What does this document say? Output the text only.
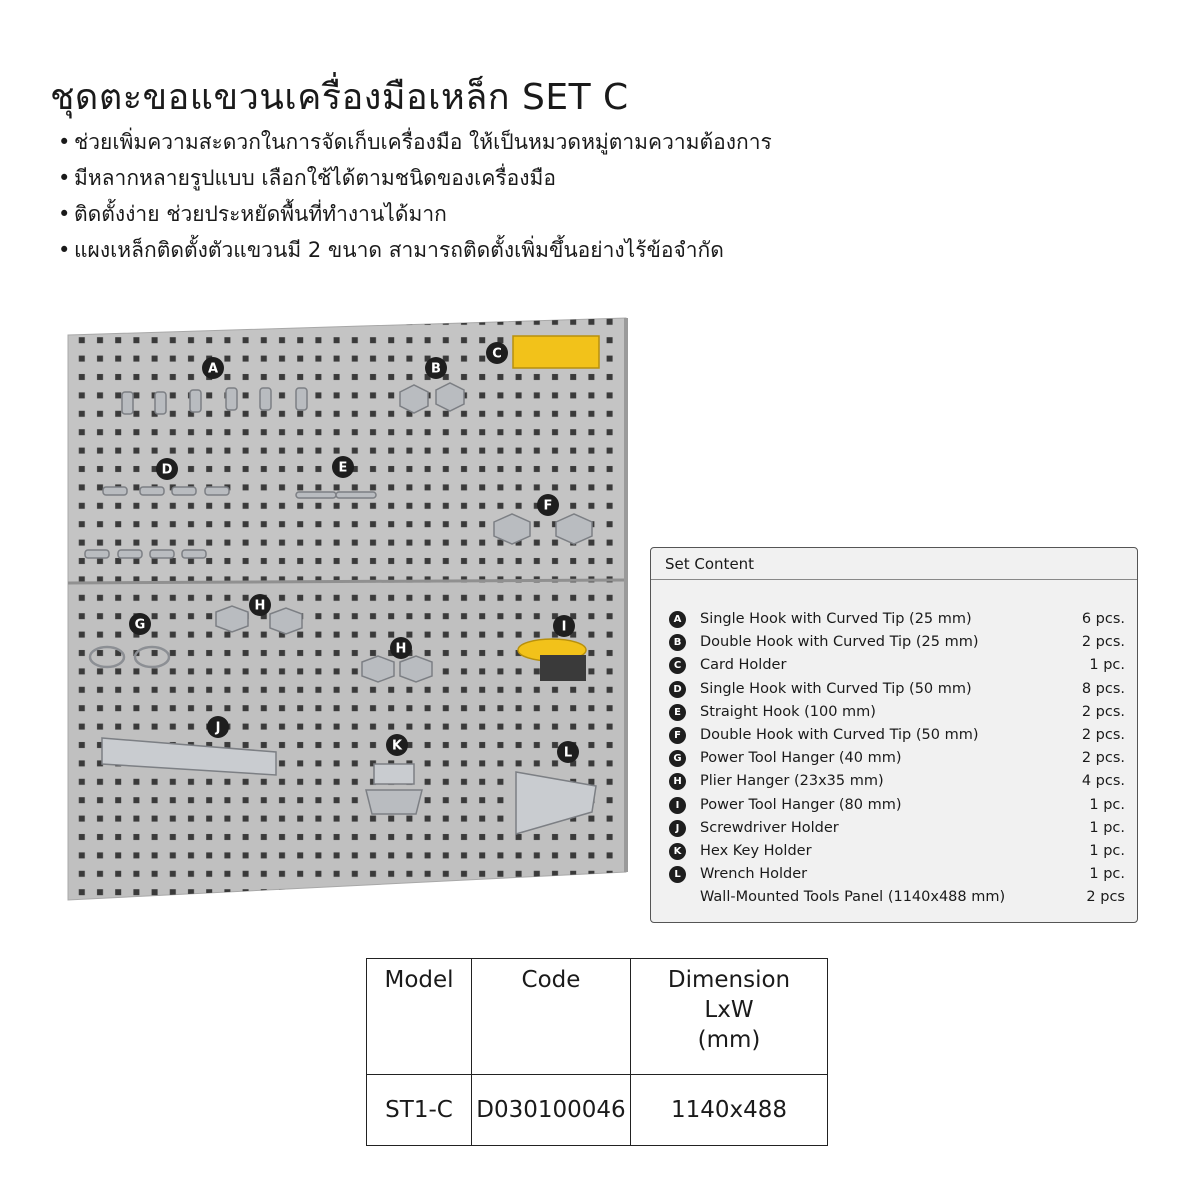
ชุดตะขอแขวนเครื่องมือเหล็ก SET C
• ช่วยเพิ่มความสะดวกในการจัดเก็บเครื่องมือ ให้เป็นหมวดหมู่ตามความต้องการ
• มีหลากหลายรูปแบบ เลือกใช้ได้ตามชนิดของเครื่องมือ
• ติดตั้งง่าย ช่วยประหยัดพื้นที่ทำงานได้มาก
• แผงเหล็กติดตั้งตัวแขวนมี 2 ขนาด สามารถติดตั้งเพิ่มขึ้นอย่างไร้ข้อจำกัด
A	B
C
D	E
F
G
H
H
I
J
K	L
Set Content
A	Single Hook with Curved Tip (25 mm)	6 pcs.
B	Double Hook with Curved Tip (25 mm)	2 pcs.
C	Card Holder	1 pc.
D Single Hook with Curved Tip (50 mm)	8 pcs.
E	Straight Hook (100 mm)	2 pcs.
F	Double Hook with Curved Tip (50 mm)	2 pcs.
G	Power Tool Hanger (40 mm)	2 pcs.
H Plier Hanger (23x35 mm)	4 pcs.
I	Power Tool Hanger (80 mm)	1 pc.
J	Screwdriver Holder	1 pc.
K	Hex Key Holder	1 pc.
L	Wrench Holder	1 pc.
Wall-Mounted Tools Panel (1140x488 mm)	2 pcs
Model	Code	Dimension
LxW
(mm)

ST1-C	D030100046	1140x488
